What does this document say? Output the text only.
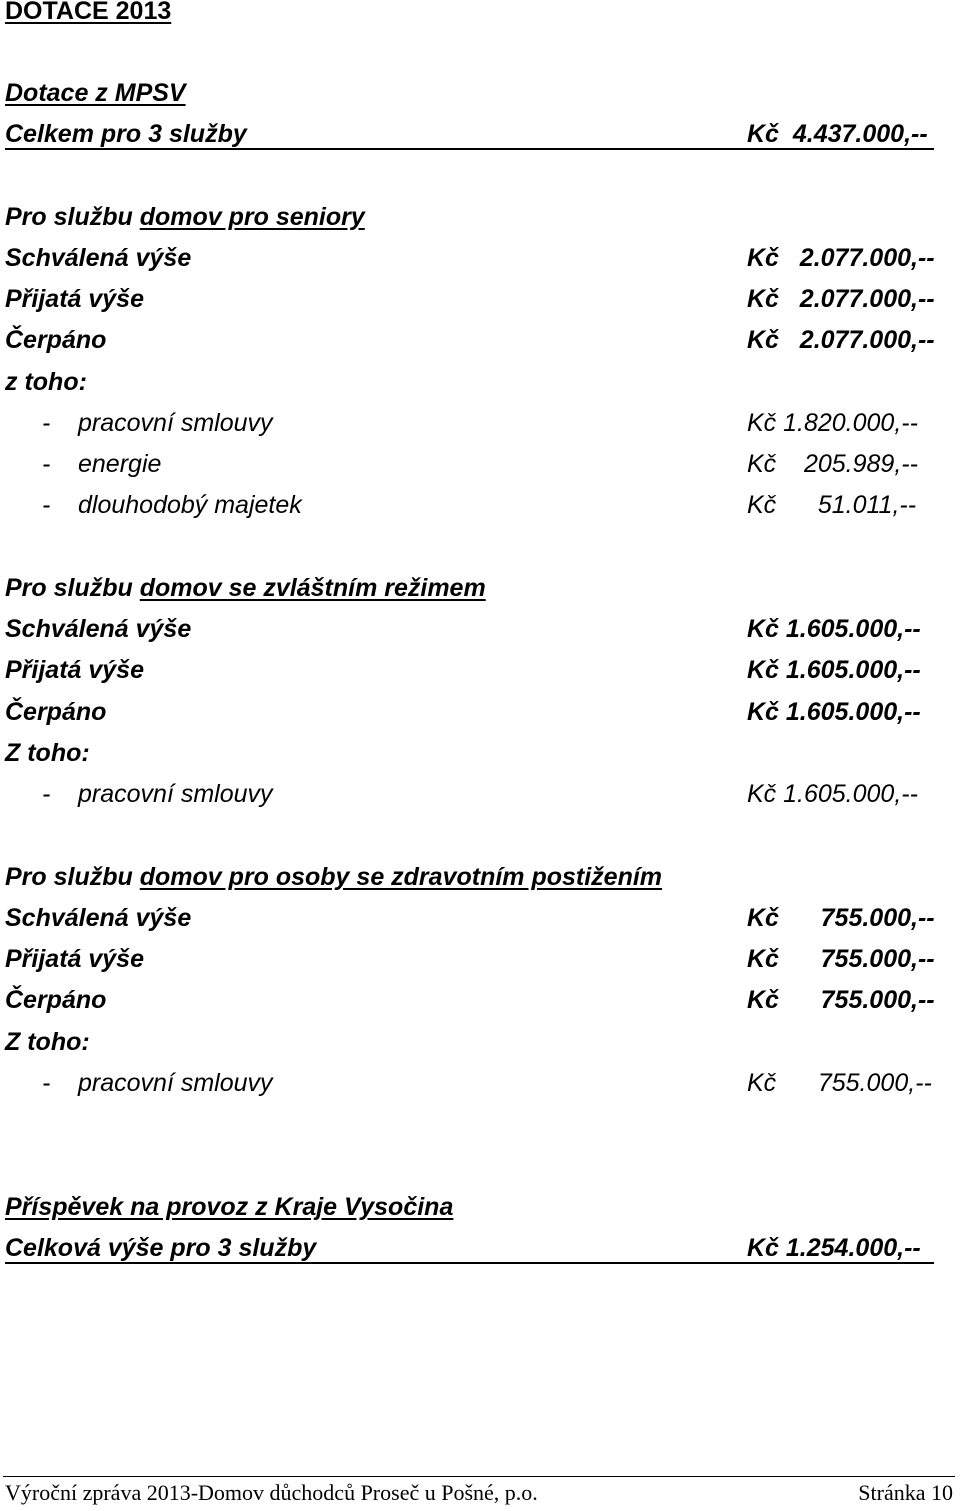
DOTACE 2013
Dotace z MPSV
Celkem pro 3 služby	Kč  4.437.000,--
Pro službu domov pro seniory
Schválená výše	Kč   2.077.000,--
Přijatá výše	Kč   2.077.000,--
Čerpáno	Kč   2.077.000,--
z toho:
- pracovní smlouvy	Kč 1.820.000,--
- energie	Kč    205.989,--
- dlouhodobý majetek	Kč      51.011,--
Pro službu domov se zvláštním režimem
Schválená výše	Kč 1.605.000,--
Přijatá výše	Kč 1.605.000,--
Čerpáno	Kč 1.605.000,--
Z toho:
- pracovní smlouvy	Kč 1.605.000,--
Pro službu domov pro osoby se zdravotním postižením
Schválená výše	Kč      755.000,--
Přijatá výše	Kč      755.000,--
Čerpáno	Kč      755.000,--
Z toho:
- pracovní smlouvy	Kč      755.000,--
Příspěvek na provoz z Kraje Vysočina
Celková výše pro 3 služby	Kč 1.254.000,--
Výroční zpráva 2013-Domov důchodců Proseč u Pošné, p.o.	Stránka 10
